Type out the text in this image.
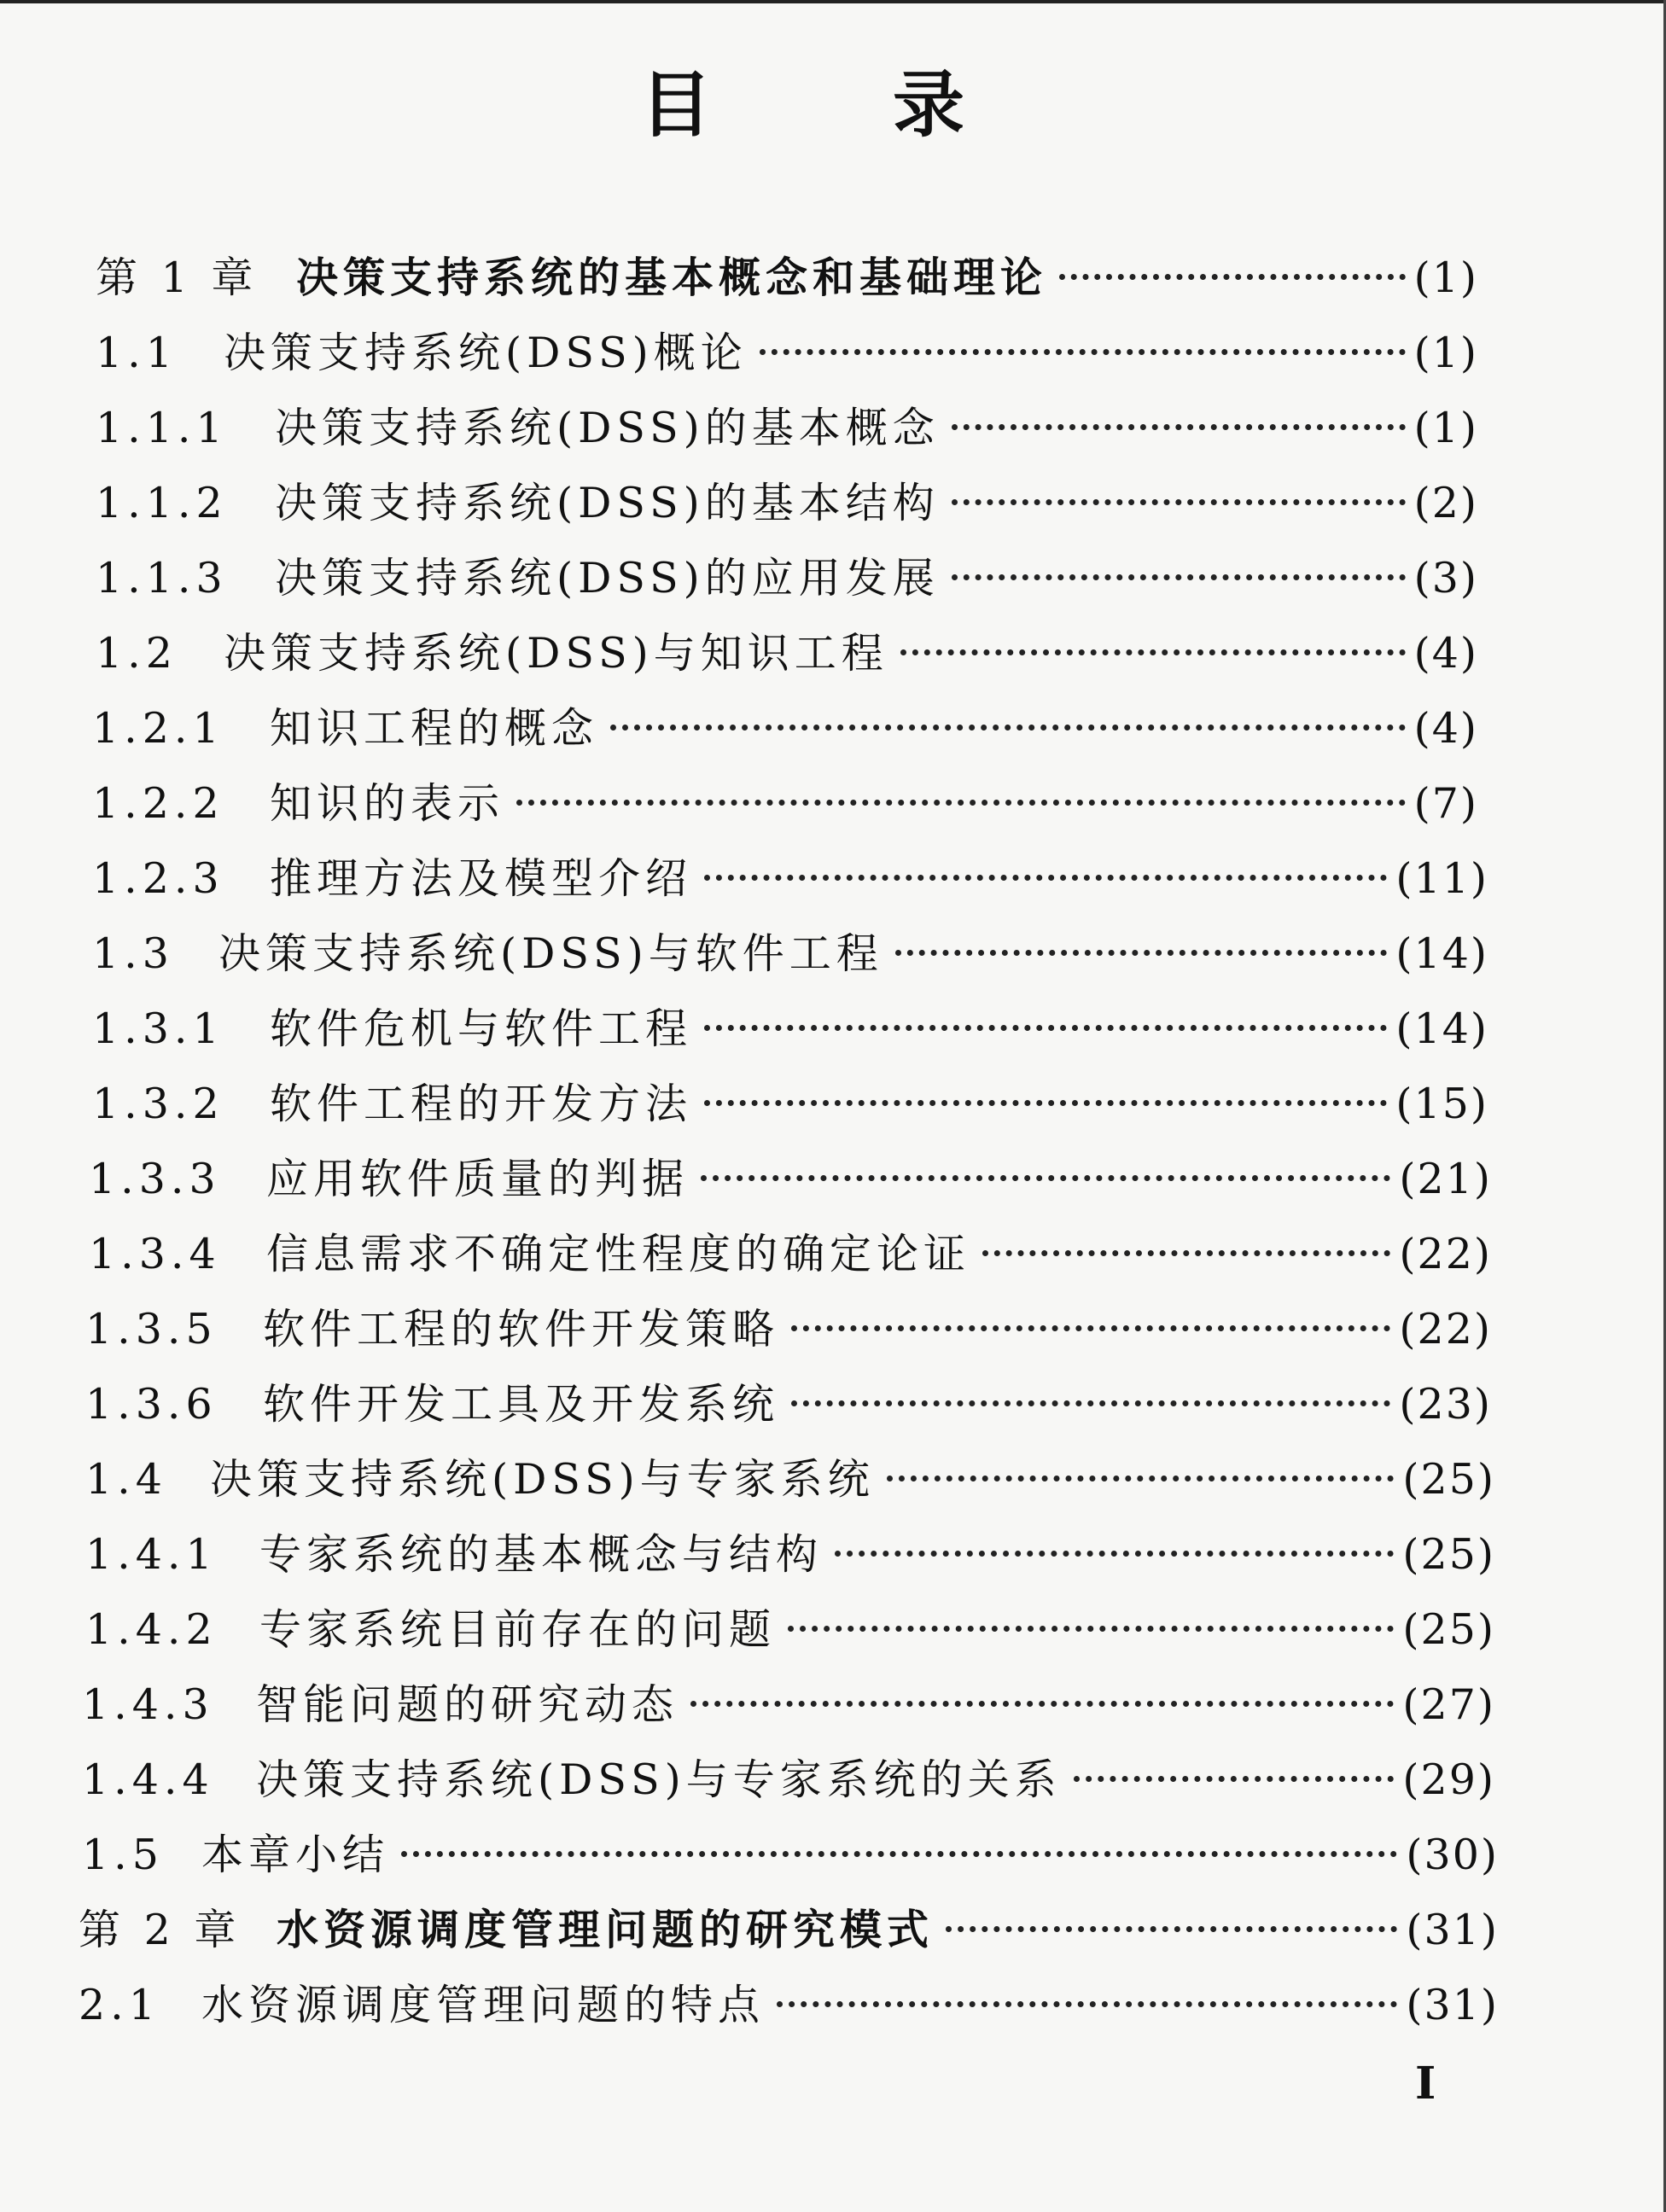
目	录
第 1 章 决策支持系统的基本概念和基础理论	(1)
1.1	决策支持系统(DSS)概论	(1)
1.1.1	决策支持系统(DSS)的基本概念	(1)
1.1.2	决策支持系统(DSS)的基本结构	(2)
1.1.3	决策支持系统(DSS)的应用发展	(3)
1.2	决策支持系统(DSS)与知识工程	(4)
1.2.1	知识工程的概念	(4)
1.2.2	知识的表示	(7)
1.2.3	推理方法及模型介绍	(11)
1.3	决策支持系统(DSS)与软件工程	(14)
1.3.1	软件危机与软件工程	(14)
1.3.2	软件工程的开发方法	(15)
1.3.3	应用软件质量的判据	(21)
1.3.4	信息需求不确定性程度的确定论证	(22)
1.3.5	软件工程的软件开发策略	(22)
1.3.6	软件开发工具及开发系统	(23)
1.4	决策支持系统(DSS)与专家系统	(25)
1.4.1	专家系统的基本概念与结构	(25)
1.4.2	专家系统目前存在的问题	(25)
1.4.3	智能问题的研究动态	(27)
1.4.4	决策支持系统(DSS)与专家系统的关系	(29)
1.5 本章小结	(30)
第 2 章 水资源调度管理问题的研究模式	(31)
2.1 水资源调度管理问题的特点	(31)
I
